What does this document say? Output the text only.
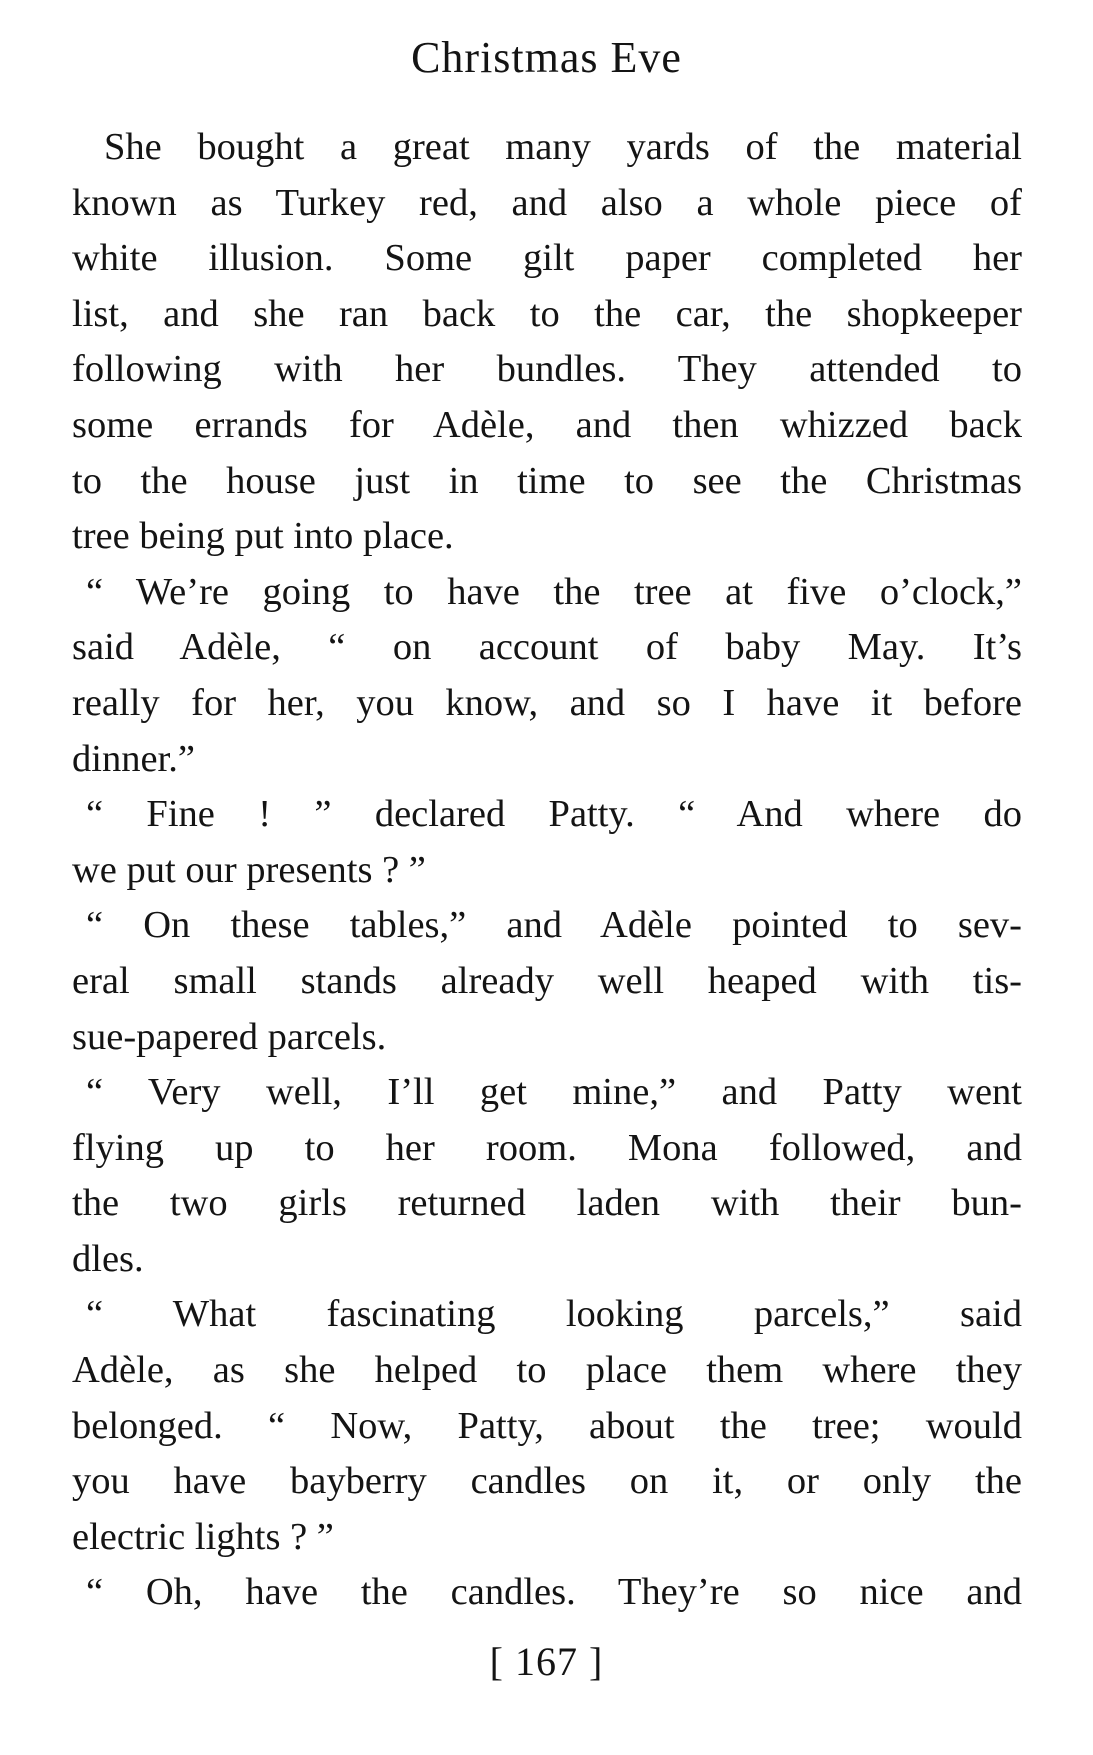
Christmas Eve

She bought a great many yards of the material

known as Turkey red, and also a whole piece of

white illusion. Some gilt paper completed her

list, and she ran back to the car, the shopkeeper

following with her bundles. They attended to

some errands for Adèle, and then whizzed back

to the house just in time to see the Christmas

tree being put into place.

“ We’re going to have the tree at five o’clock,”

said Adèle, “ on account of baby May. It’s

really for her, you know, and so I have it before

dinner.”

“ Fine ! ” declared Patty. “ And where do

we put our presents ? ”

“ On these tables,” and Adèle pointed to sev-

eral small stands already well heaped with tis-

sue-papered parcels.

“ Very well, I’ll get mine,” and Patty went

flying up to her room. Mona followed, and

the two girls returned laden with their bun-

dles.

“ What fascinating looking parcels,” said

Adèle, as she helped to place them where they

belonged. “ Now, Patty, about the tree; would

you have bayberry candles on it, or only the

electric lights ? ”

“ Oh, have the candles. They’re so nice and

[ 167 ]
